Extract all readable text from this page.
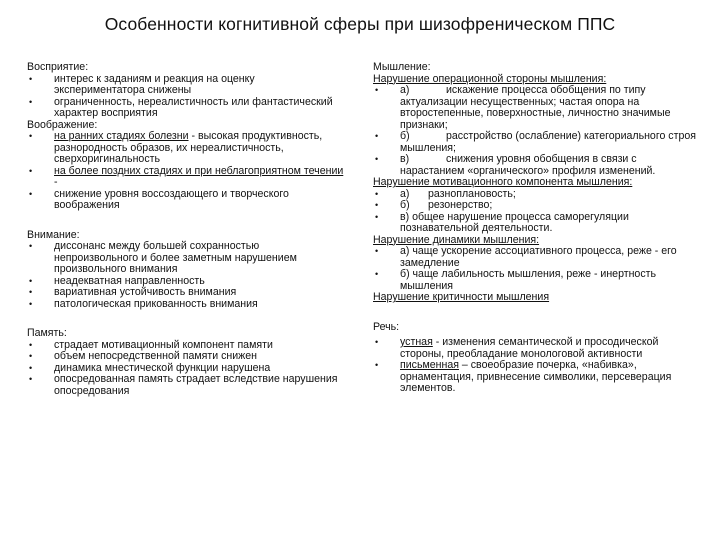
Особенности когнитивной сферы при шизофреническом ППС

Восприятие:

• интерес к заданиям и реакция на оценку экспериментатора снижены
• ограниченность, нереалистичность или фантастический характер восприятия

Воображение:

• на ранних стадиях болезни - высокая продуктивность, разнородность образов, их нереалистичность, сверхоригинальность
• на более поздних стадиях и при неблагоприятном течении -
• снижение уровня воссоздающего и творческого воображения

Внимание:

• диссонанс между большей сохранностью непроизвольного и более заметным нарушением произвольного внимания
• неадекватная направленность
• вариативная устойчивость внимания
• патологическая прикованность внимания

Память:

• страдает мотивационный компонент памяти
• объем непосредственной памяти снижен
• динамика мнестической функции нарушена
• опосредованная память страдает вследствие нарушения опосредования

Мышление:

Нарушение операционной стороны мышления:

• а)	искажение процесса обобщения по типу актуализации несущественных; частая опора на второстепенные, поверхностные, личностно значимые признаки;
• б)	расстройство (ослабление) категориального строя мышления;
• в)	снижения уровня обобщения в связи с нарастанием «органического» профиля изменений.

Нарушение мотивационного компонента мышления:

• а) разноплановость;
• б) резонерство;
• в) общее нарушение процесса саморегуляции познавательной деятельности.

Нарушение динамики мышления:

• а) чаще ускорение ассоциативного процесса, реже - его замедление
• б) чаще лабильность мышления, реже - инертность мышления

Нарушение критичности мышления

Речь:

• устная - изменения семантической и просодической стороны, преобладание монологовой активности
• письменная – своеобразие почерка, «набивка», орнаментация, привнесение символики, персеверация элементов.
